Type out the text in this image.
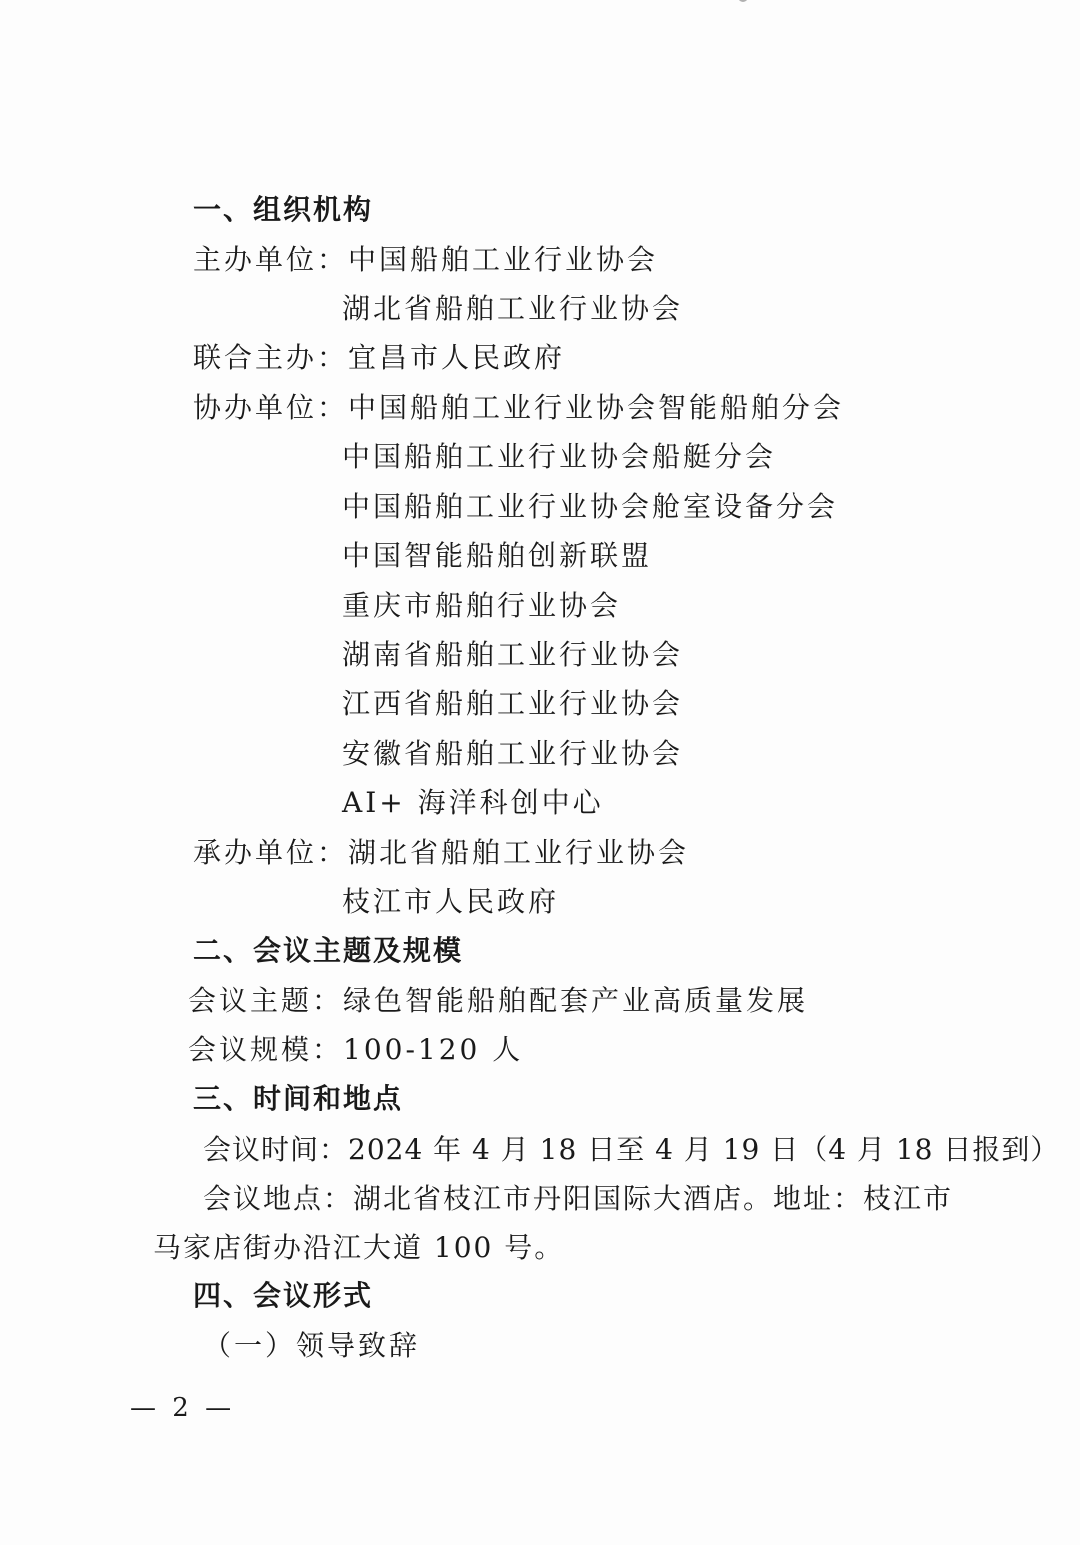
一、组织机构
主办单位：中国船舶工业行业协会
湖北省船舶工业行业协会
联合主办：宜昌市人民政府
协办单位：中国船舶工业行业协会智能船舶分会
中国船舶工业行业协会船艇分会
中国船舶工业行业协会舱室设备分会
中国智能船舶创新联盟
重庆市船舶行业协会
湖南省船舶工业行业协会
江西省船舶工业行业协会
安徽省船舶工业行业协会
AI+ 海洋科创中心
承办单位：湖北省船舶工业行业协会
枝江市人民政府
二、会议主题及规模
会议主题：绿色智能船舶配套产业高质量发展
会议规模：100-120 人
三、时间和地点
会议时间：2024 年 4 月 18 日至 4 月 19 日（4 月 18 日报到）
会议地点：湖北省枝江市丹阳国际大酒店。地址：枝江市
马家店街办沿江大道 100 号。
四、会议形式
（一）领导致辞
— 2 —
